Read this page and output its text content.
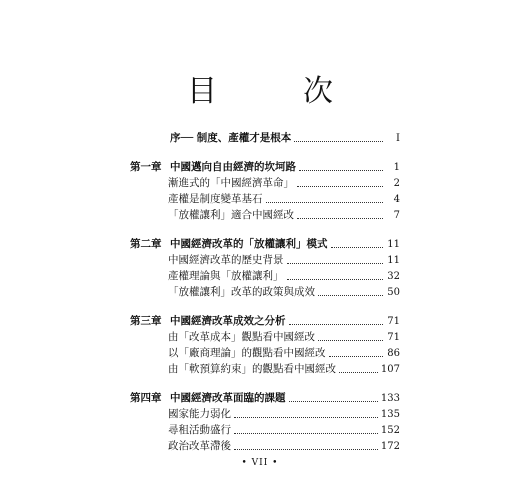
目　次
序── 制度、產權才是根本	I
第一章 中國邁向自由經濟的坎坷路	1
漸進式的「中國經濟革命」	2
產權是制度變革基石	4
「放權讓利」適合中國經改	7
第二章 中國經濟改革的「放權讓利」模式	11
中國經濟改革的歷史背景	11
產權理論與「放權讓利」	32
「放權讓利」改革的政策與成效	50
第三章 中國經濟改革成效之分析	71
由「改革成本」觀點看中國經改	71
以「廠商理論」的觀點看中國經改	86
由「軟預算約束」的觀點看中國經改	107
第四章 中國經濟改革面臨的課題	133
國家能力弱化	135
尋租活動盛行	152
政治改革滯後	172
• VII •
